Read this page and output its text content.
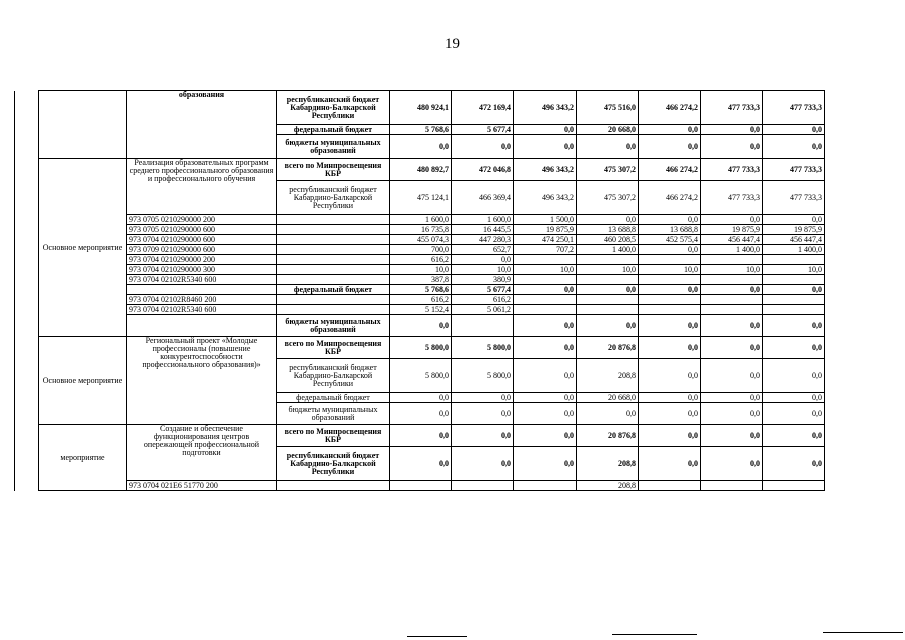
19
		образования	республиканский бюджет Кабардино-Балкарской Республики	480 924,1	472 169,4	496 343,2	475 516,0	466 274,2	477 733,3	477 733,3
			федеральный бюджет	5 768,6	5 677,4	0,0	20 668,0	0,0	0,0	0,0
			бюджеты муниципальных образований	0,0	0,0	0,0	0,0	0,0	0,0	0,0
	Основное мероприятие	Реализация образовательных программ среднего профессионального образования и профессионального обучения	всего по Минпросвещения КБР	480 892,7	472 046,8	496 343,2	475 307,2	466 274,2	477 733,3	477 733,3
			республиканский бюджет Кабардино-Балкарской Республики	475 124,1	466 369,4	496 343,2	475 307,2	466 274,2	477 733,3	477 733,3
		973 0705 0210290000 200		1 600,0	1 600,0	1 500,0	0,0	0,0	0,0	0,0
		973 0705 0210290000 600		16 735,8	16 445,5	19 875,9	13 688,8	13 688,8	19 875,9	19 875,9
		973 0704 0210290000 600		455 074,3	447 280,3	474 250,1	460 208,5	452 575,4	456 447,4	456 447,4
		973 0709 0210290000 600		700,0	652,7	707,2	1 400,0	0,0	1 400,0	1 400,0
		973 0704 0210290000 200		616,2	0,0					
		973 0704 0210290000 300		10,0	10,0	10,0	10,0	10,0	10,0	10,0
		973 0704 02102R5340 600		387,8	380,9					
			федеральный бюджет	5 768,6	5 677,4	0,0	0,0	0,0	0,0	0,0
		973 0704 02102R8460 200		616,2	616,2					
		973 0704 02102R5340 600		5 152,4	5 061,2					
			бюджеты муниципальных образований	0,0		0,0	0,0	0,0	0,0	0,0
	Основное мероприятие	Региональный проект «Молодые профессионалы (повышение конкурентоспособности профессионального образования)»	всего по Минпросвещения КБР	5 800,0	5 800,0	0,0	20 876,8	0,0	0,0	0,0
			республиканский бюджет Кабардино-Балкарской Республики	5 800,0	5 800,0	0,0	208,8	0,0	0,0	0,0
			федеральный бюджет	0,0	0,0	0,0	20 668,0	0,0	0,0	0,0
			бюджеты муниципальных образований	0,0	0,0	0,0	0,0	0,0	0,0	0,0
	мероприятие	Создание и обеспечение функционирования центров опережающей профессиональной подготовки	всего по Минпросвещения КБР	0,0	0,0	0,0	20 876,8	0,0	0,0	0,0
			республиканский бюджет Кабардино-Балкарской Республики	0,0	0,0	0,0	208,8	0,0	0,0	0,0
		973 0704 021E6 51770 200					208,8			
